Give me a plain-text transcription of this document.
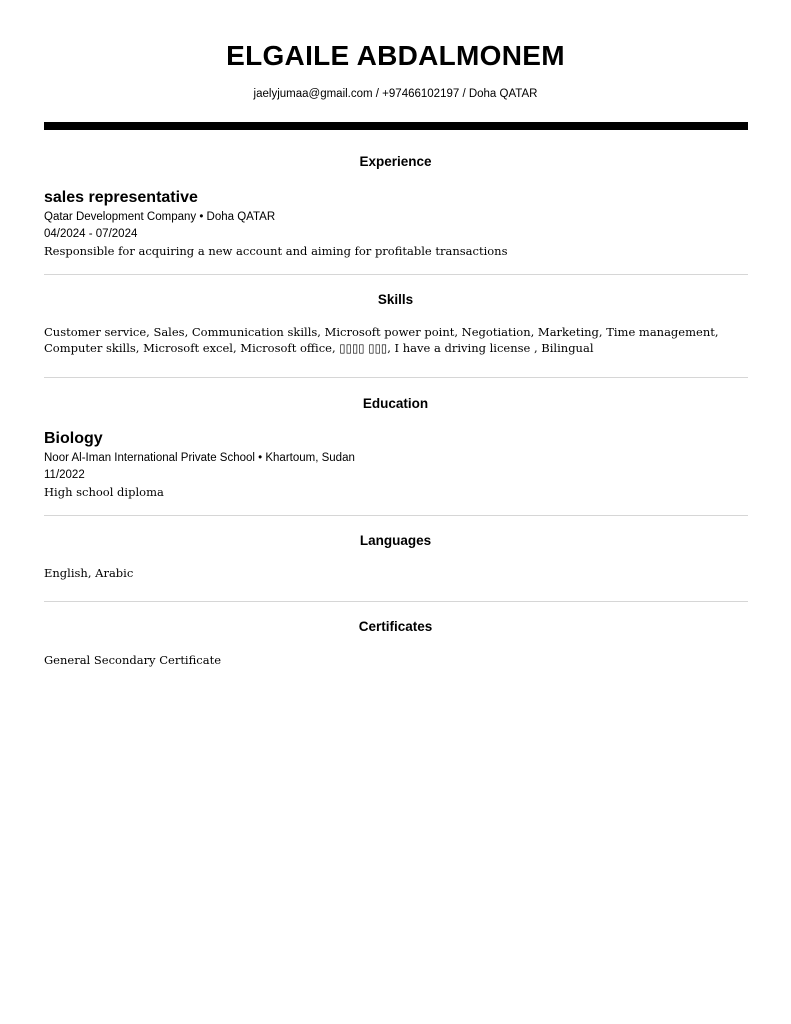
ELGAILE ABDALMONEM
jaelyjumaa@gmail.com / +97466102197 / Doha QATAR
Experience
sales representative
Qatar Development Company • Doha QATAR
04/2024 - 07/2024
Responsible for acquiring a new account and aiming for profitable transactions
Skills
Customer service, Sales, Communication skills, Microsoft power point, Negotiation, Marketing, Time management,
Computer skills, Microsoft excel, Microsoft office, ▯▯▯▯ ▯▯▯, I have a driving license , Bilingual
Education
Biology
Noor Al-Iman International Private School • Khartoum, Sudan
11/2022
High school diploma
Languages
English, Arabic
Certificates
General Secondary Certificate
